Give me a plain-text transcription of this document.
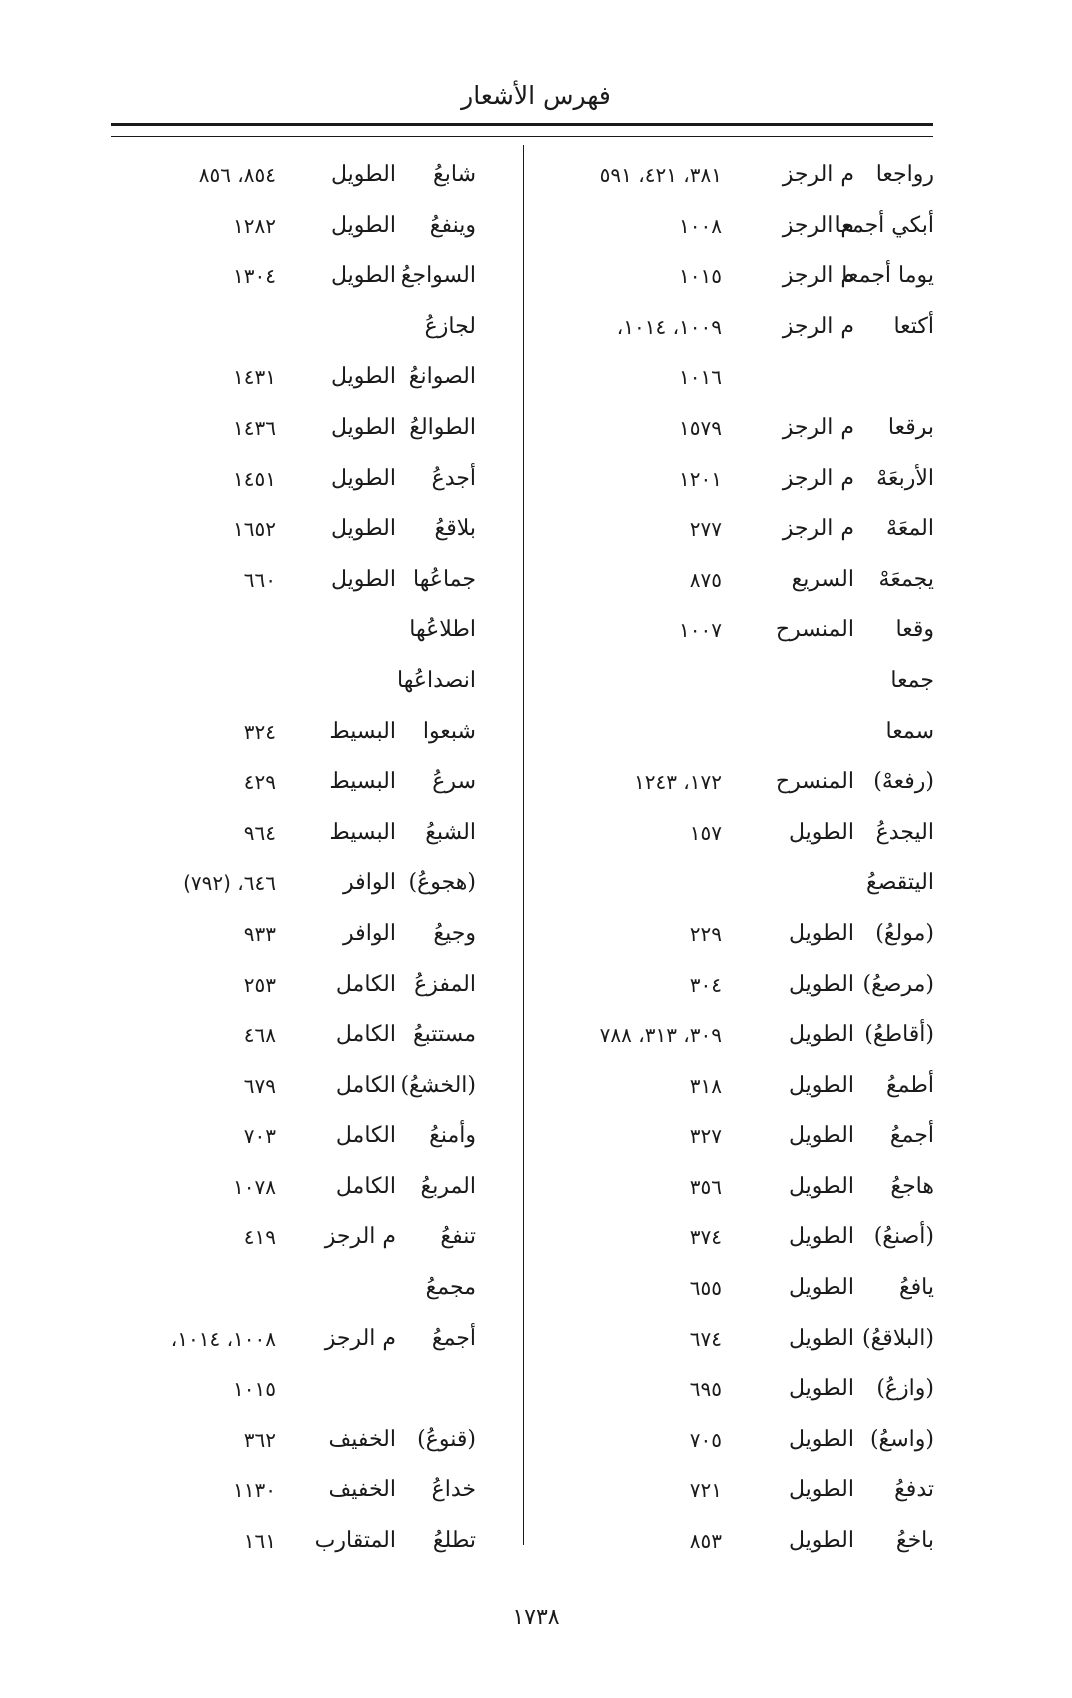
فهرس الأشعار
رواجعا
م الرجز
٣٨١، ٤٢١، ٥٩١
أبكي أجمعا
م الرجز
١٠٠٨
يوما أجمعا
م الرجز
١٠١٥
أكتعا
م الرجز
١٠٠٩، ١٠١٤،
١٠١٦
برقعا
م الرجز
١٥٧٩
الأربعَهْ
م الرجز
١٢٠١
المعَهْ
م الرجز
٢٧٧
يجمعَهْ
السريع
٨٧٥
وقعا
المنسرح
١٠٠٧
جمعا
سمعا
(رفعهْ)
المنسرح
١٧٢، ١٢٤٣
اليجدعُ
الطويل
١٥٧
اليتقصعُ
(مولعُ)
الطويل
٢٢٩
(مرصعُ)
الطويل
٣٠٤
(أقاطعُ)
الطويل
٣٠٩، ٣١٣، ٧٨٨
أطمعُ
الطويل
٣١٨
أجمعُ
الطويل
٣٢٧
هاجعُ
الطويل
٣٥٦
(أصنعُ)
الطويل
٣٧٤
يافعُ
الطويل
٦٥٥
(البلاقعُ)
الطويل
٦٧٤
(وازعُ)
الطويل
٦٩٥
(واسعُ)
الطويل
٧٠٥
تدفعُ
الطويل
٧٢١
باخعُ
الطويل
٨٥٣
شابعُ
الطويل
٨٥٤، ٨٥٦
وينفعُ
الطويل
١٢٨٢
السواجعُ
الطويل
١٣٠٤
لجازعُ
الصوانعُ
الطويل
١٤٣١
الطوالعُ
الطويل
١٤٣٦
أجدعُ
الطويل
١٤٥١
بلاقعُ
الطويل
١٦٥٢
جماعُها
الطويل
٦٦٠
اطلاعُها
انصداعُها
شبعوا
البسيط
٣٢٤
سرعُ
البسيط
٤٢٩
الشبعُ
البسيط
٩٦٤
(هجوعُ)
الوافر
٦٤٦، (٧٩٢)
وجيعُ
الوافر
٩٣٣
المفزعُ
الكامل
٢٥٣
مستتبعُ
الكامل
٤٦٨
(الخشعُ)
الكامل
٦٧٩
وأمنعُ
الكامل
٧٠٣
المربعُ
الكامل
١٠٧٨
تنفعُ
م الرجز
٤١٩
مجمعُ
أجمعُ
م الرجز
١٠٠٨، ١٠١٤،
١٠١٥
(قنوعُ)
الخفيف
٣٦٢
خداعُ
الخفيف
١١٣٠
تطلعُ
المتقارب
١٦١
١٧٣٨
